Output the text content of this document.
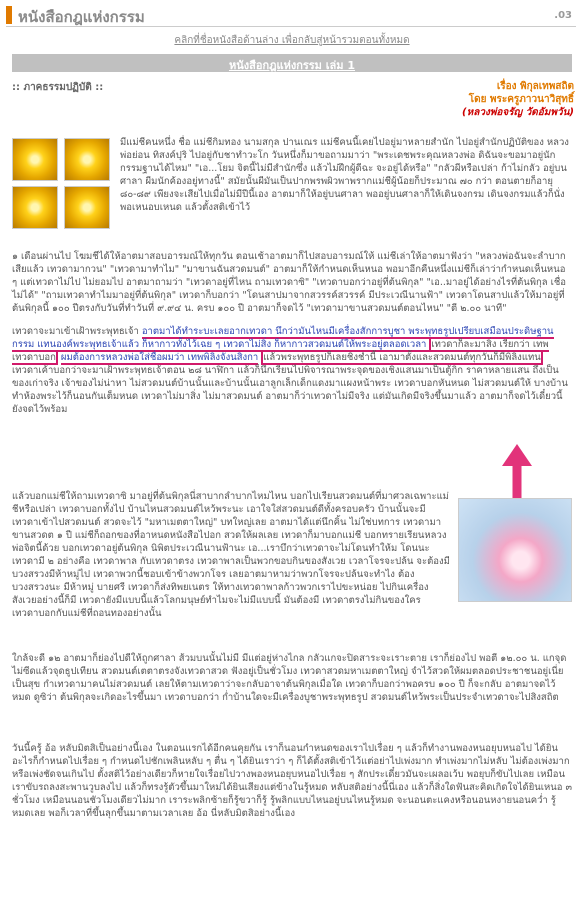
หนังสือกฎแห่งกรรม	.03
คลิกที่ชื่อหนังสือด้านล่าง เพื่อกลับสู่หน้ารวมตอนทั้งหมด
หนังสือกฎแห่งกรรม เล่ม 1
:: ภาคธรรมปฏิบัติ ::	เรื่อง พิกุลเทพสถิต
โดย พระครูภาวนาวิสุทธิ์
(หลวงพ่อจรัญ วัดอัมพวัน)
มีแม่ชีคนหนึ่ง ชื่อ แม่ชีกิมทอง นามสกุล ปานเณร แม่ชีคนนี้เคยไปอยู่มาหลายสำนัก ไปอยู่สำนักปฏิบัติของ หลวงพ่อย่อน ทิสงค์ปุริ ไปอยู่กับชาทำวะโก วันหนึ่งก็มาขอถามมาว่า "พระเดชพระคุณหลวงพ่อ ดิฉันจะขอมาอยู่นักกรรมฐานได้ไหม" "เอ...โยม จิตนี้ไม่มีสำนักซึ่ง แล้วไม่ฝึกผู้ดีฉะ จะอยู่ได้หรือ" "กลัวผีหรือเปล่า ก้าไม่กลัว อยู่บนศาลา ผีมนักค้องอยู่ทางนี้" สมัยนั้นผีมันเป็นปากพรพผิวพาพรากแม่ชีผู้น้อยก็ประมาณ ๗๐ กว่า ตอนตายก็อายุ ๘๐-๘๙ เพียงจะเสียไปเมื่อไม่มีปีนี้เอง อาตมาก็ให้อยู่บนศาลา พออยู่บนศาลาก็ให้เดินจงกรม เดินจงกรมแล้วก็นั่ง พอเหนอบเหนด แล้วตั้งสติเข้าไว้
๑ เดือนผ่านไป โฆมชีได้ให้อาตมาสอบอารมณ์ให้ทุกวัน ตอนเช้าอาตมาก็ไปสอบอารมณ์ให้ แม่ชีเล่าให้อาตมาฟังว่า "หลวงพ่อฉันจะลำบากเสียแล้ว เทวดามากวน" "เทวดามาทำไม" "มาขานฉันสวดมนต์" อาตมาก็ให้กำหนดเห็นหนอ พอมาอีกคืนหนึ่งแม่ชีก็เล่าว่ากำหนดเห็นหนอ ๆ แต่เทวดาไม่ไป ไม่ยอมไป อาตมาถามว่า "เทวดาอยู่ที่ไหน ถามเทวดาซิ" "เทวดาบอกว่าอยู่ที่ต้นพิกุล" "เอ..มาอยู่ได้อย่างไรที่ต้นพิกุล เชื่อไม่ได้" "ถามเทวดาทำไมมาอยู่ที่ต้นพิกุล" เทวดาก็บอกว่า "โดนสาปมาจากสวรรค์สวรรค์ มีประเวณีนานฟ้า" เทวดาโดนสาปแล้วให้มาอยู่ที่ต้นพิกุลนี้ ๑๐๐ ปีตรงกับวันที่ทำวันที่ ๙.๙๔ น. ครบ ๑๐๐ ปี อาตมาก็จดไว้ "เทวดามาขานสวดมนต์ตอนไหน" "ตี ๒.๐๐ นาที"
เทวดาจะมาเข้าเฝ้าพระพุทธเจ้า อาตมาได้ทำระบะเลยอากเทวดา นึกว่ามันไหนมีเครื่องสักการบูชา พระพุทธรูปเปรียบเสมือนประดิษฐานกรรม แทนองค์พระพุทธเจ้าแล้ว ก็หากาวทั้งไว้เฉย ๆ เทวดาไม่สิ่ง ก็หากาวสวดมนต์ให้พระอยู่ตลอดเวลา เทวดาก็ละมาสิ่ง เรียกว่า เทพ เทวดาบอก ผมต้องการหลวงพ่อใส่ชื่อผมว่า เทพพิลิงจังนสิงกา แล้วพระพุทธรูปก็เลยชิงชำนี้ เอามาตั้งและสวดมนต์ทุกวันก็มีพิลิงแทน เทวดาเค้าบอกว่าจะมาเฝ้าพระพุทธเจ้าตอน ๒๘ นาฬิกา แล้วก็นึกเรียนไปพิจารณาพระจุดของเชิงแสนมาเป็นตู้กิก ราคาหลายแสน ถึงเป็นของเก่าจริง เจ้าของไม่น่าหา ไม่สวดมนต์บ้านนั้นและบ้านนั้นเอาลูกเล็กเด็กแดงมาแผงหน้าพระ เทวดาบอกหันหนด ไม่สวดมนต์ให้ บางบ้านทำห้องพระไว้ก็นอนกันเต็มหนด เทวดาไม่มาสิ่ง ไม่มาสวดมนต์ อาตมาก็ว่าเทวดาไม่มีจริง แต่มันเกิดมีจริงขึ้นมาแล้ว อาตมาก็จดไว้เดี๋ยวนี้ยังจดไว้พร้อม
แล้วบอกแม่ชีให้ถามเทวดาซิ มาอยู่ที่ต้นพิกุลนี่สาบากลำบากไหมไหน บอกไปเรียนสวดมนต์ที่มาศวลเฉพาะแม่ชีหรือเปล่า เทวดาบอกทั้งไป บ้านไหนสวดมนต์ไหว้พระนะ เอาใจใส่สวดมนต์ดีทั้งครอบครัว บ้านนั้นจะมีเทวดาเข้าไปสวดมนต์ สวดจะไว้ "มหาเมตตาใหญ่" บทใหญ่เลย อาตมาได้แต่นึกคิ้น ไม่ใช่บทการ เทวดามาขานสวดต ๑ ปี แม่ชีก็ถอกของที่อาหนดหนังสือไปอก สวดให้ผลเลย เทวดาก็มาบอกแม่ชี บอกทรายเรียนหลวงพ่อจิตนี้ด้วย บอกเทวดาอยู่ต้นพิกุล นิพิตประเวณีนานฟ้านะ เอ...เราบึกว่าเทวดาจะไม่โดนทำให้ม โดนนะ เทวดามี ๒ อย่างคือ เทวดาพาล กับเทวดาตรง เทวดาพาลเป็นพวกขอบกินของสังเวย เวลาโจรจะปล้น จะต้องมีบวงสรวงมีห้าหมู่ไป เทวดาพวกนี้ชอบเข้าข้างพวกโจร เลยอาตมาหามว่าพวกโจรจะปล้นจะทำไง ต้องบวงสรวงนะ มีห้าหมู่ บายศรี เทวดาก็ส่งทิพยเนตร ให้ทางเทวดาพาลก้าวพวกเราไปขะหน่อย ไปกินเครื่องสังเวยอย่างนี้ก็มี เทวดายังมีแบบนี้แล้วโลกมนุษย์ทำไมจะไม่มีแบบนี้ มันต้องมี เทวดาตรงไม่กินของใคร เทวดาบอกกับแม่ชีที่ถอนทองอย่างนั้น
ใกล้จะดี ๑๒ อาตมาก็ย่องไปดีให้ถูกศาลา ส้วมบนนั้นไม่มี มีแต่อยู่ห่างไกล กลัวแกจะปิดสาระจะเราะตาย เราก็ย่องไป พอตี ๑๒.๐๐ น. แกจุดไม่ซีดแล้วจุดธูปเทียน สวดมนต์เตตาตรงจังเทวดาสวด ฟังอยู่เป็นชั่วโมง เทวดาสวดมหาเมตตาใหญ่ จำไว้สวดให้ผมตลอดประชาชนอยู่เนี่ยเป็นสุข กำเทวดามาคนไม่สวดมนต์ เลยให้ตามเทวดาว่าจะกลับอาจาต้นพิกุลเมื่อใด เทวดาก็บอกว่าพอครบ ๑๐๐ ปี ก็จะกลับ อาตมาจดไว้หมด ดูซิว่า ต้นพิกุลจะเกิดอะไรขึ้นมา เทวดาบอกว่า ก่ำบ้านใดจะมีเครื่องบูชาพระพุทธรูป สวดมนต์ไหว้พระเป็นประจำเทวดาจะไปสิงสถิต
วันนี้ครู้ อ้อ หลับมิตสิเป็นอย่างนี้เอง ในตอนแรกได้อีกคนคุยกัน เราก็นอนกำหนดของเราไปเรื่อย ๆ แล้วก็ทำงานพองหนอยุบหนอไป ได้ยินอะไรก็กำหนดไปเรื่อย ๆ กำหนดไปชักเพลินหลับ ๆ ตื่น ๆ ได้ยินเราว่า ๆ ก็ได้ตั้งสติเข้าไว้แต่อย่าไปเพ่งมาก ทำเพ่งมากไม่หลับ ไม่ต้องเพ่งมากหรือเพ่งชัดจนเกินไป ตั้งสติไว้อย่างเดียวก็หายใจเรื่อยไปวางพองหนอยุบหนอไปเรื่อย ๆ สักประเดี๋ยวมันจะเผลอเว้บ พอยุบก็ขับไปเลย เหมือนเราขับรถลงสะพานวูบลงไป แล้วก็ทรงรู้ตัวขึ้นมาใหม่ได้ยินเสียงแต่ข้างในรู้หมด หลับสติอย่างนี้นี่เอง แล้วก็สิ่งใดฟันสะคิดเกิดใจได้ยินเหนอ ๓ ชั่วโมง เหมือนนอนชัวโมงเดียวไม่มาก เราระพลิกซ้ายก็รู้ขวาก็รู้ รู้พลิกแบบไหนอยู่บนไหนรู้หมด จะนอนตะแคงหรือนอนหงายนอนคว่ำ รู้หมดเลย พอก็เวลาที่ขึ้นลุกขึ้นมาตามเวลาเลย อ้อ นี่หลับมิตสิอย่างนี้เอง
